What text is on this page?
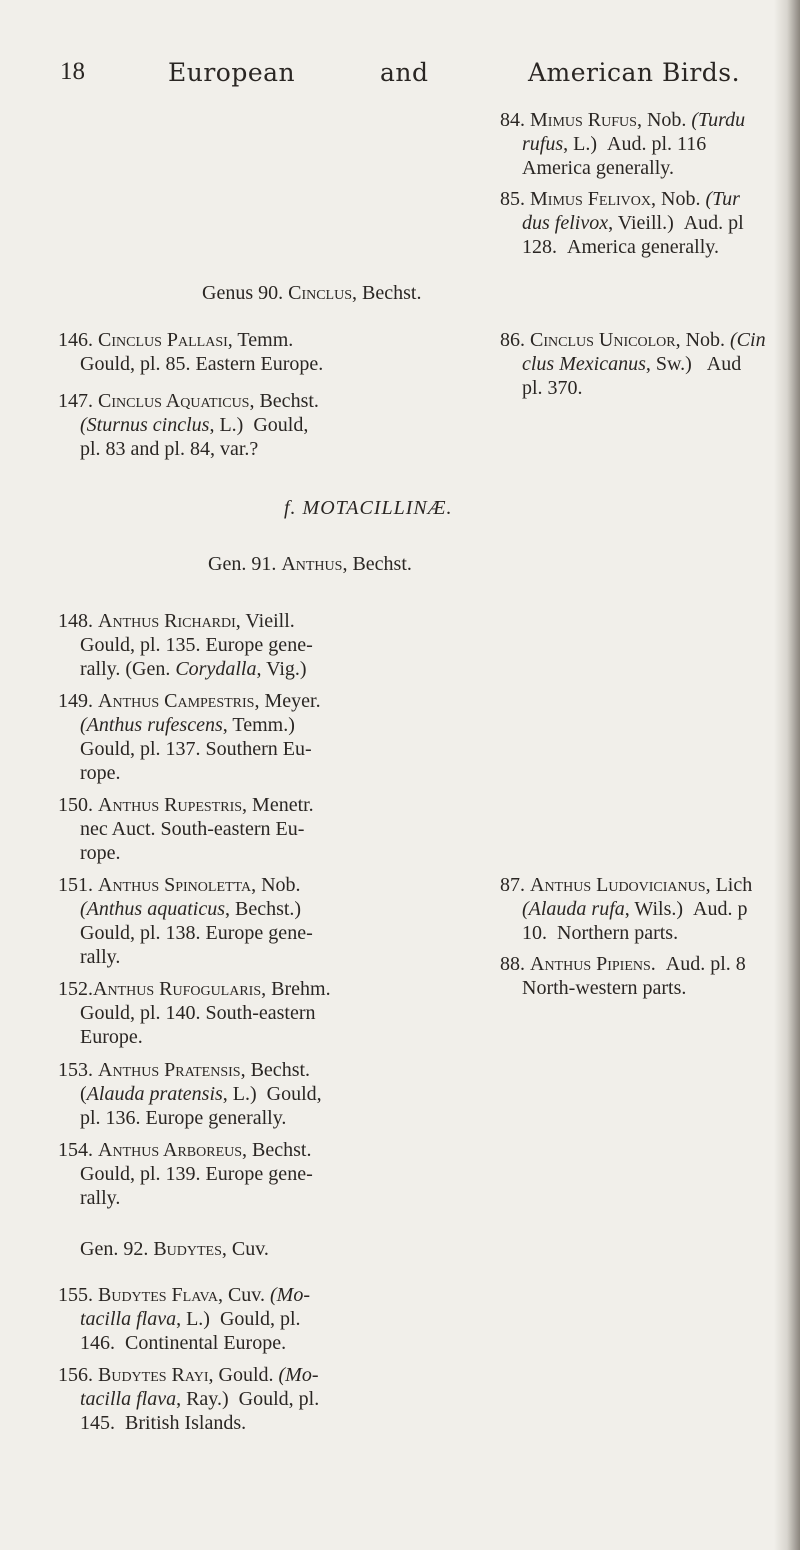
18	European	and	American Birds.
84. Mimus Rufus, Nob. (Turdu
rufus, L.)  Aud. pl. 116
America generally.
85. Mimus Felivox, Nob. (Tur
dus felivox, Vieill.)  Aud. pl
128.  America generally.
Genus 90. Cinclus, Bechst.
146. Cinclus Pallasi, Temm.
Gould, pl. 85. Eastern Europe.
147. Cinclus Aquaticus, Bechst.
(Sturnus cinclus, L.)  Gould,
pl. 83 and pl. 84, var.?
86. Cinclus Unicolor, Nob. (Cin
clus Mexicanus, Sw.)   Aud
pl. 370.
f. MOTACILLINÆ.
Gen. 91. Anthus, Bechst.
148. Anthus Richardi, Vieill.
Gould, pl. 135. Europe gene-
rally. (Gen. Corydalla, Vig.)
149. Anthus Campestris, Meyer.
(Anthus rufescens, Temm.)
Gould, pl. 137. Southern Eu-
rope.
150. Anthus Rupestris, Menetr.
nec Auct. South-eastern Eu-
rope.
151. Anthus Spinoletta, Nob.
(Anthus aquaticus, Bechst.)
Gould, pl. 138. Europe gene-
rally.
152.Anthus Rufogularis, Brehm.
Gould, pl. 140. South-eastern
Europe.
153. Anthus Pratensis, Bechst.
(Alauda pratensis, L.)  Gould,
pl. 136. Europe generally.
154. Anthus Arboreus, Bechst.
Gould, pl. 139. Europe gene-
rally.
87. Anthus Ludovicianus, Lich
(Alauda rufa, Wils.)  Aud. p
10.  Northern parts.
88. Anthus Pipiens.  Aud. pl. 8
North-western parts.
Gen. 92. Budytes, Cuv.
155. Budytes Flava, Cuv. (Mo-
tacilla flava, L.)  Gould, pl.
146.  Continental Europe.
156. Budytes Rayi, Gould. (Mo-
tacilla flava, Ray.)  Gould, pl.
145.  British Islands.
